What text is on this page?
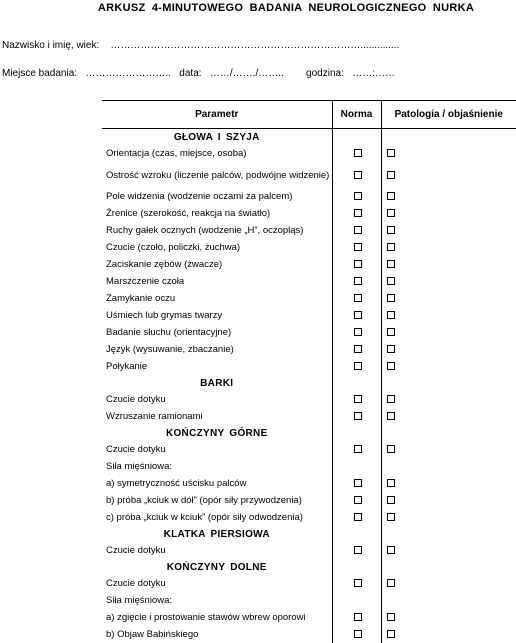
ARKUSZ 4-MINUTOWEGO BADANIA NEUROLOGICZNEGO NURKA
Nazwisko i imię, wiek: …………………………………………………………………..............
Miejsce badania: …………………….. data: ……/……./…….. godzina: ……:……
Parametr	Norma	Patologia / objaśnienie
GŁOWA I SZYJA		
Orientacja (czas, miejsce, osoba)		
Ostrość wzroku (liczenie palców, podwójne widzenie)		
Pole widzenia (wodzenie oczami za palcem)		
Źrenice (szerokość, reakcja na światło)		
Ruchy gałek ocznych (wodzenie „H”, oczopląs)		
Czucie (czoło, policzki, żuchwa)		
Zaciskanie zębów (żwacze)		
Marszczenie czoła		
Zamykanie oczu		
Uśmiech lub grymas twarzy		
Badanie słuchu (orientacyjne)		
Język (wysuwanie, zbaczanie)		
Połykanie		
BARKI		
Czucie dotyku		
Wzruszanie ramionami		
KOŃCZYNY GÓRNE		
Czucie dotyku		
Siła mięśniowa:		
a) symetryczność uścisku palców		
b) próba „kciuk w dół” (opór siły przywodzenia)		
c) próba „kciuk w kciuk” (opór siły odwodzenia)		
KLATKA PIERSIOWA		
Czucie dotyku		
KOŃCZYNY DOLNE		
Czucie dotyku		
Siła mięśniowa:		
a) zgięcie i prostowanie stawów wbrew oporowi		
b) Objaw Babińskiego		
